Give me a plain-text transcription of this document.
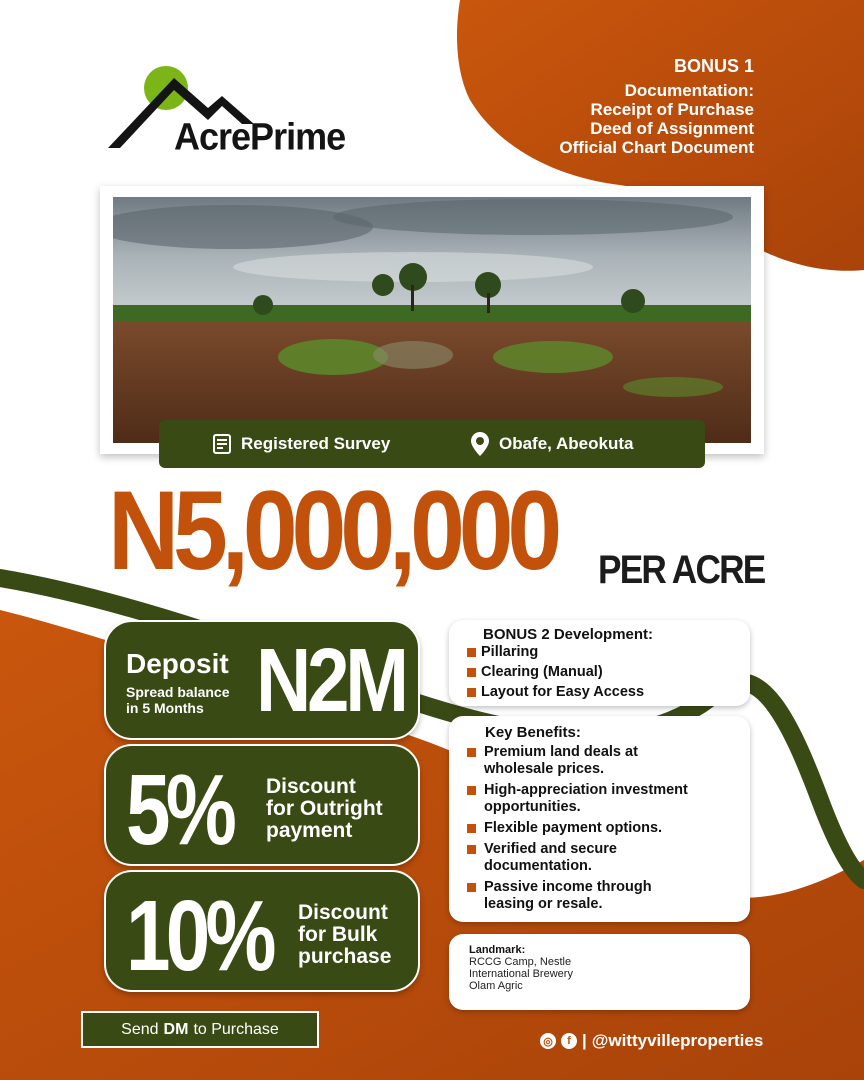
AcrePrime
BONUS 1
Documentation:
Receipt of Purchase
Deed of Assignment
Official Chart Document
Registered Survey	Obafe, Abeokuta
N5,000,000 PER ACRE
Deposit
Spread balance
in 5 Months N2M
5% Discount
for Outright
payment
10% Discount
for Bulk
purchase
BONUS 2 Development:
Pillaring
Clearing (Manual)
Layout for Easy Access
Key Benefits:
Premium land deals at
wholesale prices.
High-appreciation investment
opportunities.
Flexible payment options.
Verified and secure
documentation.
Passive income through
leasing or resale.
Landmark:
RCCG Camp, Nestle
International Brewery
Olam Agric
Send DM to Purchase
◎	f | @wittyvilleproperties
